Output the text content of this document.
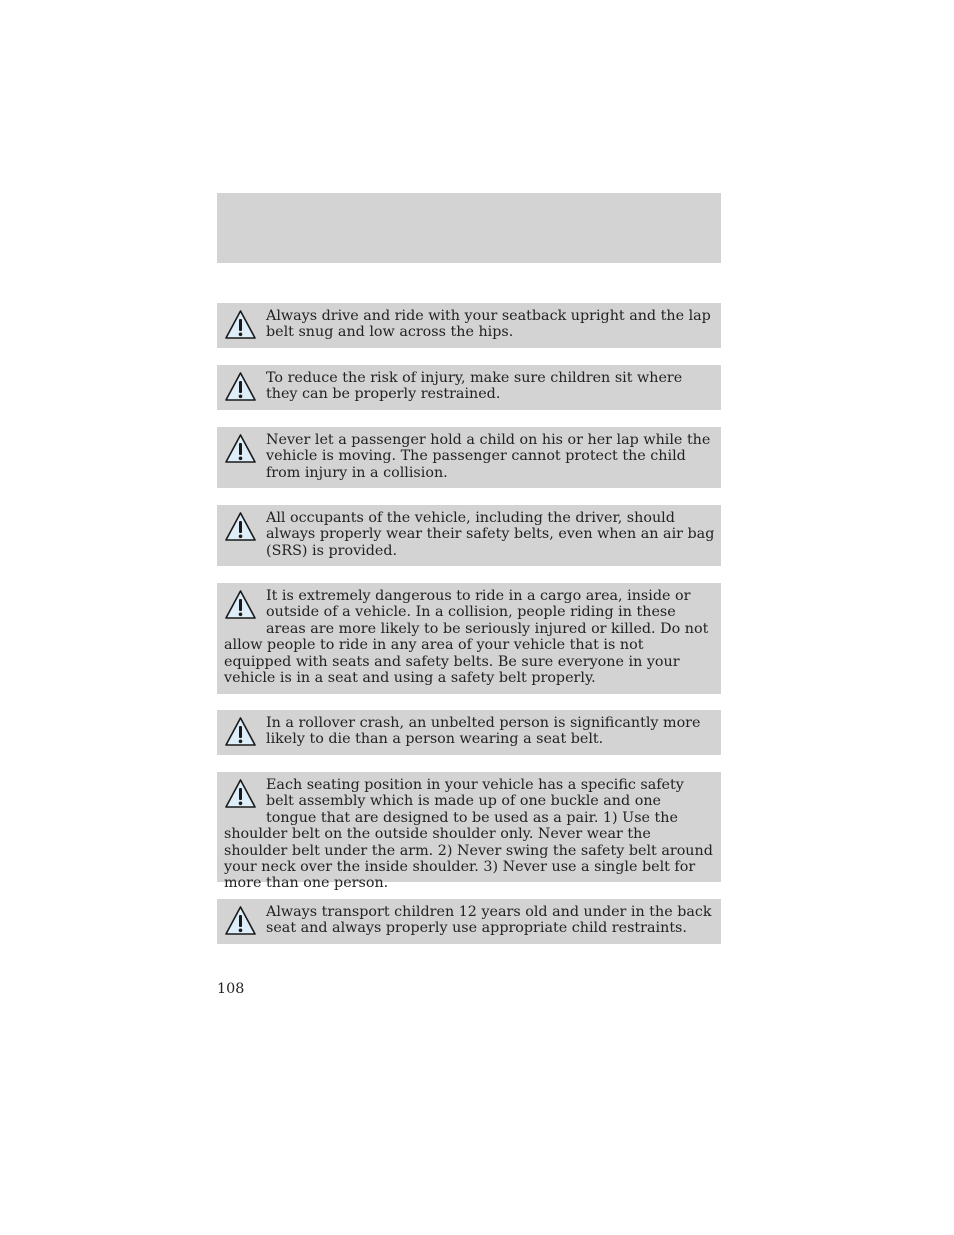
Always drive and ride with your seatback upright and the lap belt snug and low across the hips.
To reduce the risk of injury, make sure children sit where they can be properly restrained.
Never let a passenger hold a child on his or her lap while the vehicle is moving. The passenger cannot protect the child from injury in a collision.
All occupants of the vehicle, including the driver, should always properly wear their safety belts, even when an air bag (SRS) is provided.
It is extremely dangerous to ride in a cargo area, inside or outside of a vehicle. In a collision, people riding in these areas are more likely to be seriously injured or killed. Do not allow people to ride in any area of your vehicle that is not equipped with seats and safety belts. Be sure everyone in your vehicle is in a seat and using a safety belt properly.
In a rollover crash, an unbelted person is significantly more likely to die than a person wearing a seat belt.
Each seating position in your vehicle has a specific safety belt assembly which is made up of one buckle and one tongue that are designed to be used as a pair. 1) Use the shoulder belt on the outside shoulder only. Never wear the shoulder belt under the arm. 2) Never swing the safety belt around your neck over the inside shoulder. 3) Never use a single belt for more than one person.
Always transport children 12 years old and under in the back seat and always properly use appropriate child restraints.
108
